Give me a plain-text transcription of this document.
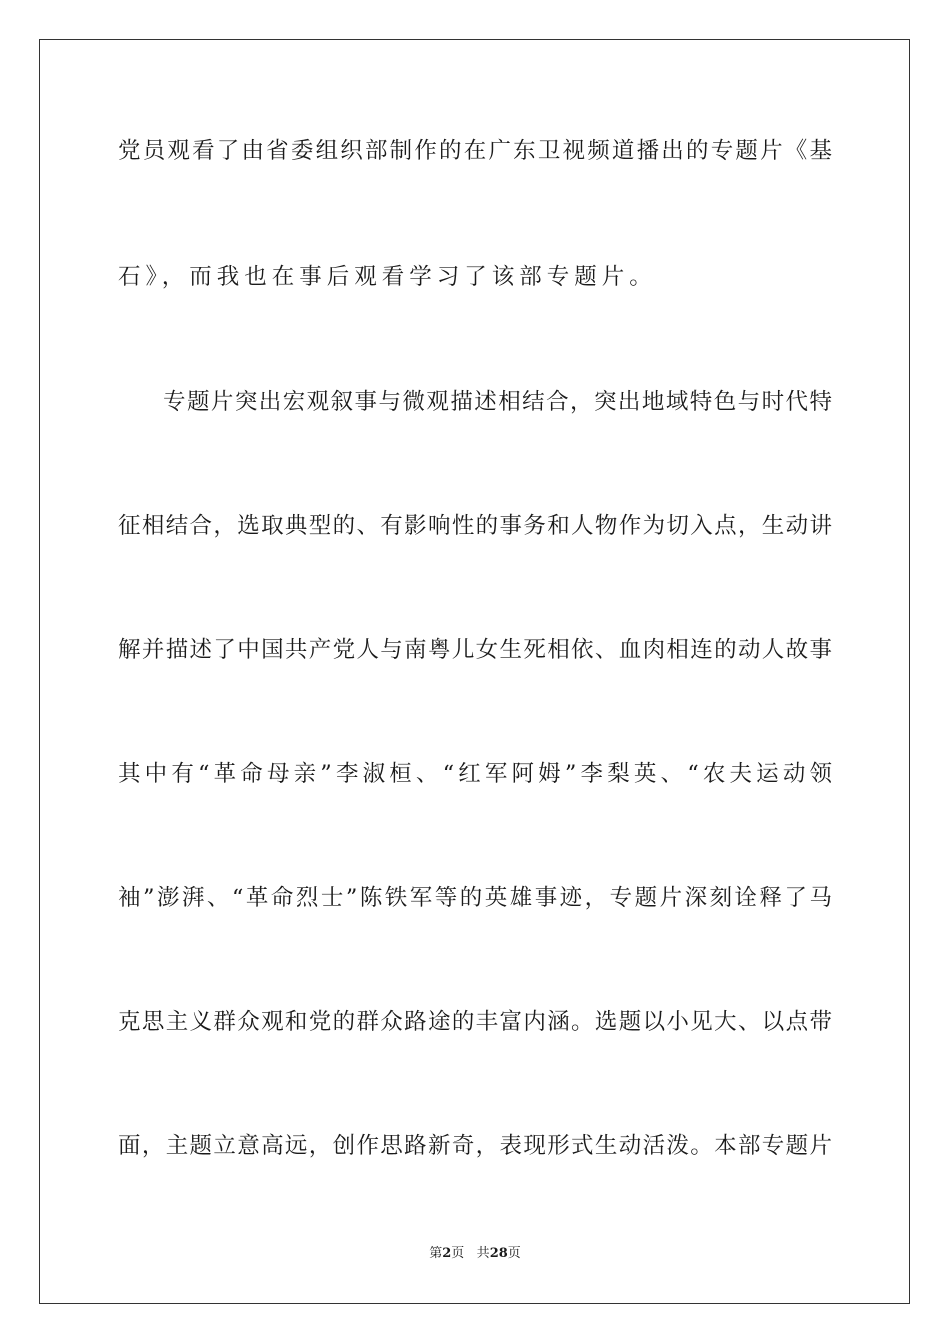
党员观看了由省委组织部制作的在广东卫视频道播出的专题片《基
石》，而我也在事后观看学习了该部专题片。
专题片突出宏观叙事与微观描述相结合，突出地域特色与时代特
征相结合，选取典型的、有影响性的事务和人物作为切入点，生动讲
解并描述了中国共产党人与南粤儿女生死相依、血肉相连的动人故事
其中有“革命母亲”李淑桓、“红军阿姆”李梨英、“农夫运动领
袖”澎湃、“革命烈士”陈铁军等的英雄事迹，专题片深刻诠释了马
克思主义群众观和党的群众路途的丰富内涵。选题以小见大、以点带
面，主题立意高远，创作思路新奇，表现形式生动活泼。本部专题片
第2页 共28页
